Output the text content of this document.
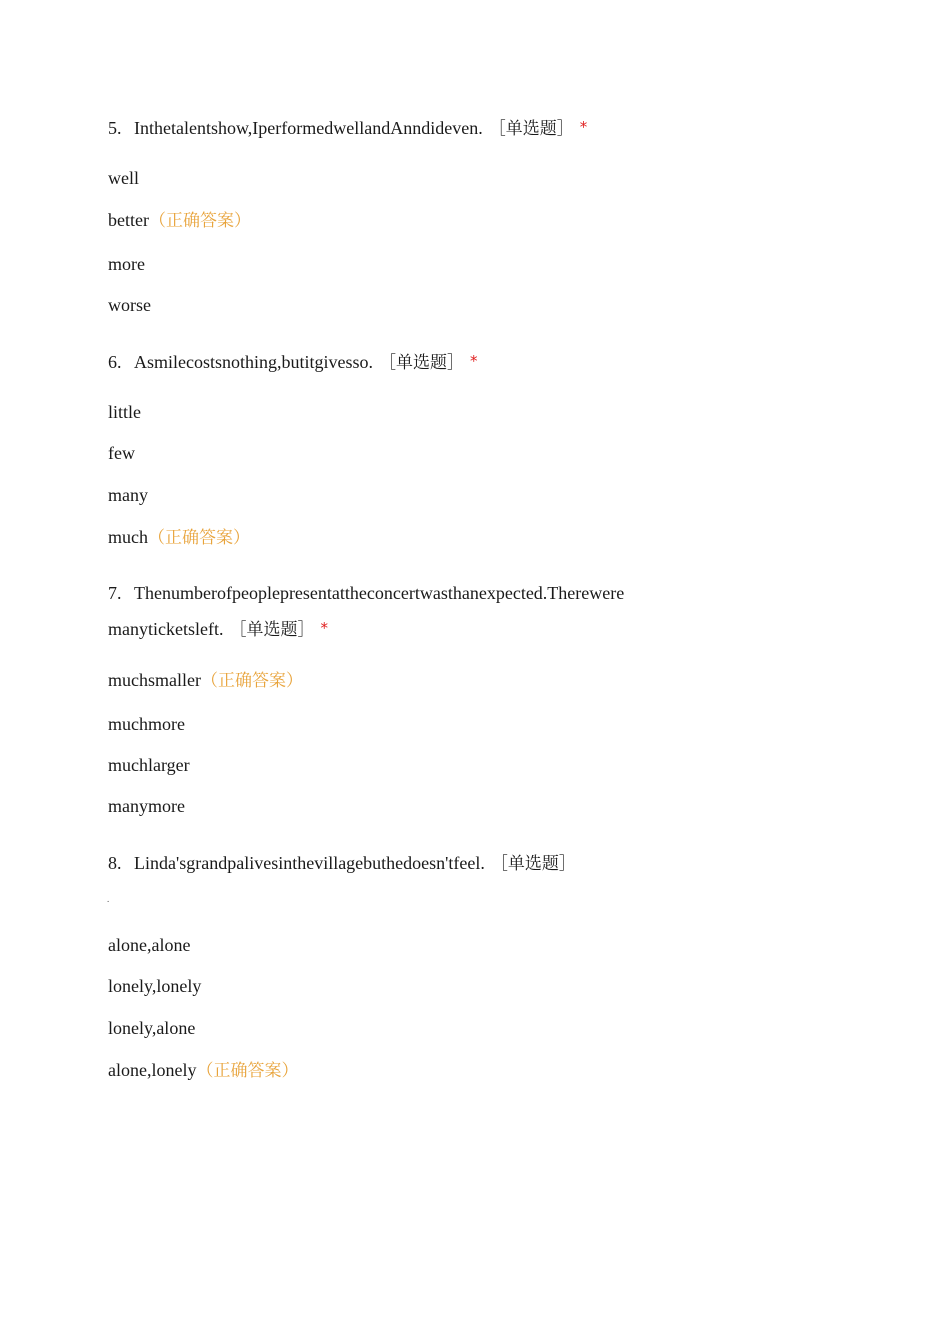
5. Inthetalentshow,IperformedwellandAnndideven. ［单选题］ *
well
better（正确答案）
more
worse
6. Asmilecostsnothing,butitgivesso. ［单选题］ *
little
few
many
much（正确答案）
7. Thenumberofpeoplepresentattheconcertwasthanexpected.Therewere
manyticketsleft. ［单选题］ *
muchsmaller（正确答案）
muchmore
muchlarger
manymore
8. Linda'sgrandpalivesinthevillagebuthedoesn'tfeel. ［单选题］
.
alone,alone
lonely,lonely
lonely,alone
alone,lonely（正确答案）
